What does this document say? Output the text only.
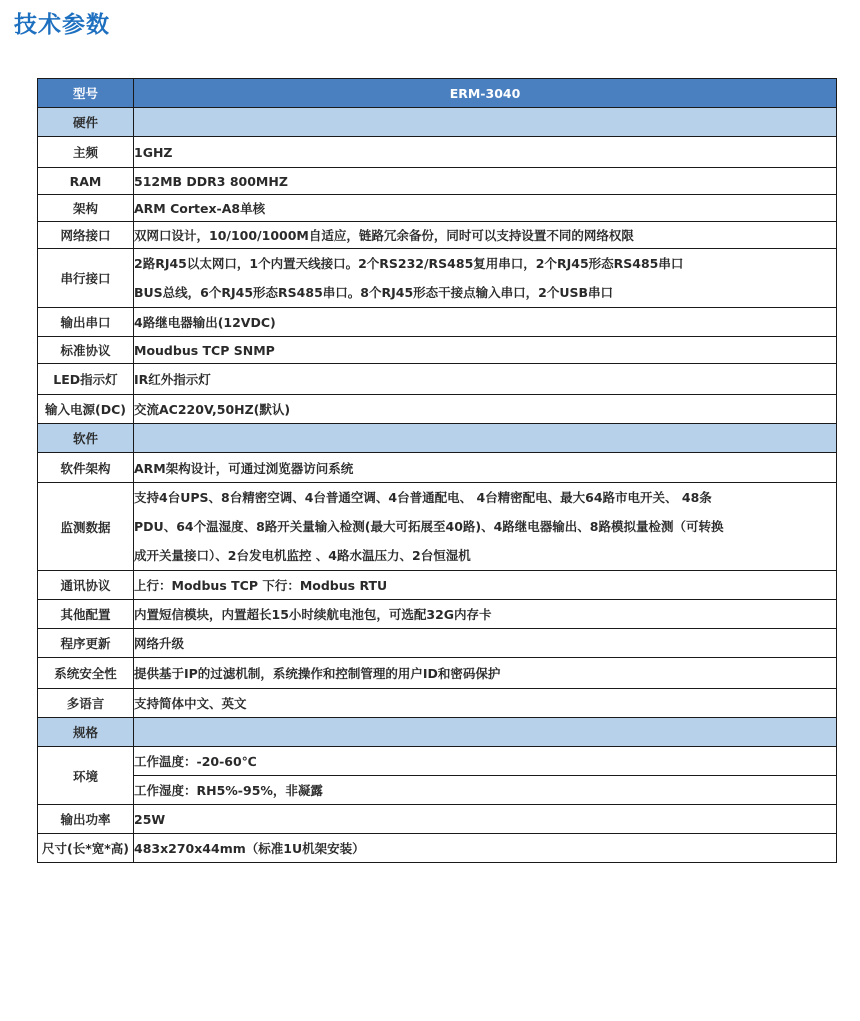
技术参数
型号	ERM-3040
硬件	
主频	1GHZ
RAM	512MB DDR3 800MHZ
架构	ARM Cortex-A8单核
网络接口	双网口设计，10/100/1000M自适应，链路冗余备份，同时可以支持设置不同的网络权限
串行接口	2路RJ45以太网口，1个内置天线接口。2个RS232/RS485复用串口，2个RJ45形态RS485串口
BUS总线，6个RJ45形态RS485串口。8个RJ45形态干接点输入串口，2个USB串口

输出串口	4路继电器输出(12VDC)
标准协议	Moudbus TCP SNMP
LED指示灯	IR红外指示灯
输入电源(DC)	交流AC220V,50HZ(默认)
软件	
软件架构	ARM架构设计，可通过浏览器访问系统
监测数据	支持4台UPS、8台精密空调、4台普通空调、4台普通配电、 4台精密配电、最大64路市电开关、 48条
PDU、64个温湿度、8路开关量输入检测(最大可拓展至40路)、4路继电器输出、8路模拟量检测（可转换
成开关量接口）、2台发电机监控 、4路水温压力、2台恒湿机

通讯协议	上行：Modbus TCP 下行：Modbus RTU
其他配置	内置短信模块，内置超长15小时续航电池包，可选配32G内存卡
程序更新	网络升级
系统安全性	提供基于IP的过滤机制，系统操作和控制管理的用户ID和密码保护
多语言	支持简体中文、英文
规格	
环境	工作温度：-20-60℃
	工作湿度：RH5%-95%，非凝露
输出功率	25W
尺寸(长*宽*高)	483x270x44mm（标准1U机架安装）
